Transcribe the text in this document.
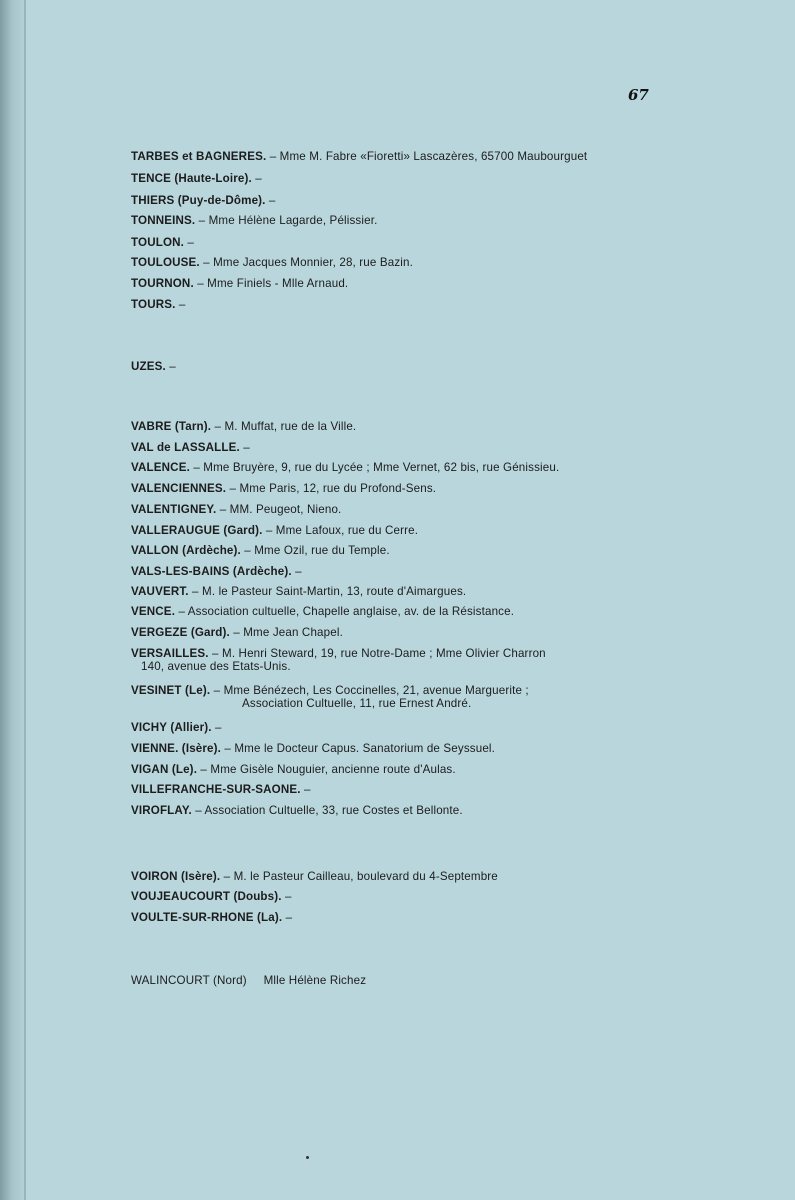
67
TARBES et BAGNERES. – Mme M. Fabre «Fioretti» Lascazères, 65700 Maubourguet
TENCE (Haute-Loire). –
THIERS (Puy-de-Dôme). –
TONNEINS. – Mme Hélène Lagarde, Pélissier.
TOULON. –
TOULOUSE. – Mme Jacques Monnier, 28, rue Bazin.
TOURNON. – Mme Finiels - Mlle Arnaud.
TOURS. –
UZES. –
VABRE (Tarn). – M. Muffat, rue de la Ville.
VAL de LASSALLE. –
VALENCE. – Mme Bruyère, 9, rue du Lycée ; Mme Vernet, 62 bis, rue Génissieu.
VALENCIENNES. – Mme Paris, 12, rue du Profond-Sens.
VALENTIGNEY. – MM. Peugeot, Nieno.
VALLERAUGUE (Gard). – Mme Lafoux, rue du Cerre.
VALLON (Ardèche). – Mme Ozil, rue du Temple.
VALS-LES-BAINS (Ardèche). –
VAUVERT. – M. le Pasteur Saint-Martin, 13, route d'Aimargues.
VENCE. – Association cultuelle, Chapelle anglaise, av. de la Résistance.
VERGEZE (Gard). – Mme Jean Chapel.
VERSAILLES. – M. Henri Steward, 19, rue Notre-Dame ; Mme Olivier Charron
140, avenue des Etats-Unis.
VESINET (Le). – Mme Bénézech, Les Coccinelles, 21, avenue Marguerite ;
Association Cultuelle, 11, rue Ernest André.
VICHY (Allier). –
VIENNE. (Isère). – Mme le Docteur Capus. Sanatorium de Seyssuel.
VIGAN (Le). – Mme Gisèle Nouguier, ancienne route d'Aulas.
VILLEFRANCHE-SUR-SAONE. –
VIROFLAY. – Association Cultuelle, 33, rue Costes et Bellonte.
VOIRON (Isère). – M. le Pasteur Cailleau, boulevard du 4-Septembre
VOUJEAUCOURT (Doubs). –
VOULTE-SUR-RHONE (La). –
WALINCOURT (Nord)     Mlle Hélène Richez
